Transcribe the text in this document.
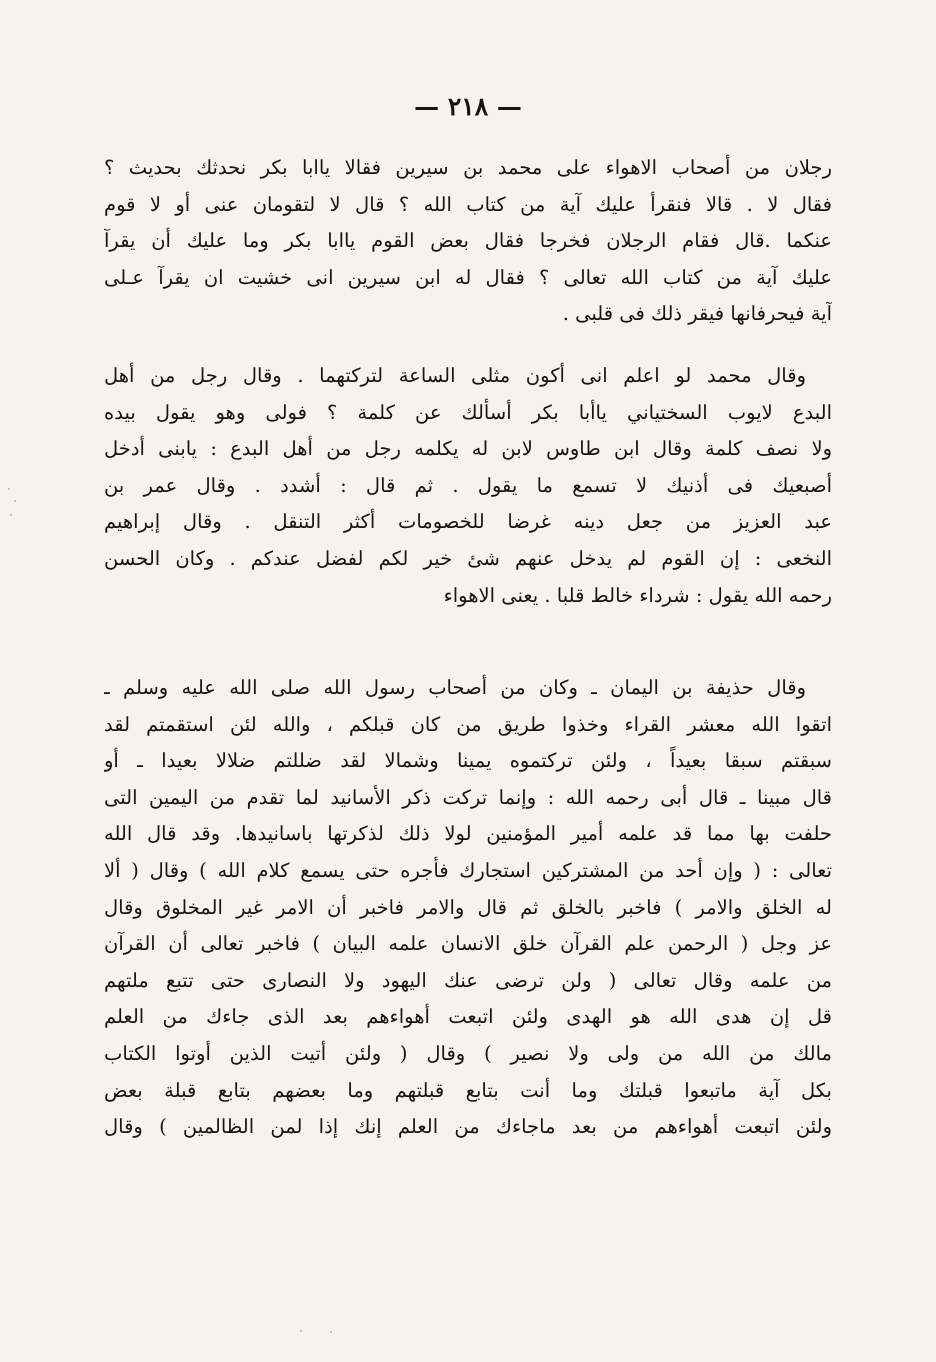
— ٢١٨ —
رجلان من أصحاب الاهواء على محمد بن سيرين فقالا ياابا بكر نحدثك بحديث ؟
فقال لا . قالا فنقرأ عليك آية من كتاب الله ؟ قال لا لتقومان عنى أو لا قوم
عنكما .قال فقام الرجلان فخرجا فقال بعض القوم ياابا بكر وما عليك أن يقرآ
عليك آية من كتاب الله تعالى ؟ فقال له ابن سيرين انى خشيت ان يقرآ عـلى
آية فيحرفانها فيقر ذلك فى قلبى .
وقال محمد لو اعلم انى أكون مثلى الساعة لتركتهما . وقال رجل من أهل
البدع لايوب السختياني ياأبا بكر أسألك عن كلمة ؟ فولى وهو يقول بيده
ولا نصف كلمة وقال ابن طاوس لابن له يكلمه رجل من أهل البدع : يابنى أدخل
أصبعيك فى أذنيك لا تسمع ما يقول . ثم قال : أشدد . وقال عمر بن
عبد العزيز من جعل دينه غرضا للخصومات أكثر التنقل . وقال إبراهيم
النخعى : إن القوم لم يدخل عنهم شئ خير لكم لفضل عندكم . وكان الحسن
رحمه الله يقول : شرداء خالط قلبا . يعنى الاهواء
وقال حذيفة بن اليمان ـ وكان من أصحاب رسول الله صلى الله عليه وسلم ـ
اتقوا الله معشر القراء وخذوا طريق من كان قبلكم ، والله لئن استقمتم لقد
سبقتم سبقا بعيداً ، ولئن تركتموه يمينا وشمالا لقد ضللتم ضلالا بعيدا ـ أو
قال مبينا ـ قال أبى رحمه الله : وإنما تركت ذكر الأسانيد لما تقدم من اليمين التى
حلفت بها مما قد علمه أمير المؤمنين لولا ذلك لذكرتها باسانيدها. وقد قال الله
تعالى : ( وإن أحد من المشتركين استجارك فأجره حتى يسمع كلام الله ) وقال ( ألا
له الخلق والامر ) فاخبر بالخلق ثم قال والامر فاخبر أن الامر غير المخلوق وقال
عز وجل ( الرحمن علم القرآن خلق الانسان علمه البيان ) فاخبر تعالى أن القرآن
من علمه وقال تعالى ( ولن ترضى عنك اليهود ولا النصارى حتى تتبع ملتهم
قل إن هدى الله هو الهدى ولئن اتبعت أهواءهم بعد الذى جاءك من العلم
مالك من الله من ولى ولا نصير ) وقال ( ولئن أتيت الذين أوتوا الكتاب
بكل آية ماتبعوا قبلتك وما أنت بتابع قبلتهم وما بعضهم بتابع قبلة بعض
ولئن اتبعت أهواءهم من بعد ماجاءك من العلم إنك إذا لمن الظالمين ) وقال
